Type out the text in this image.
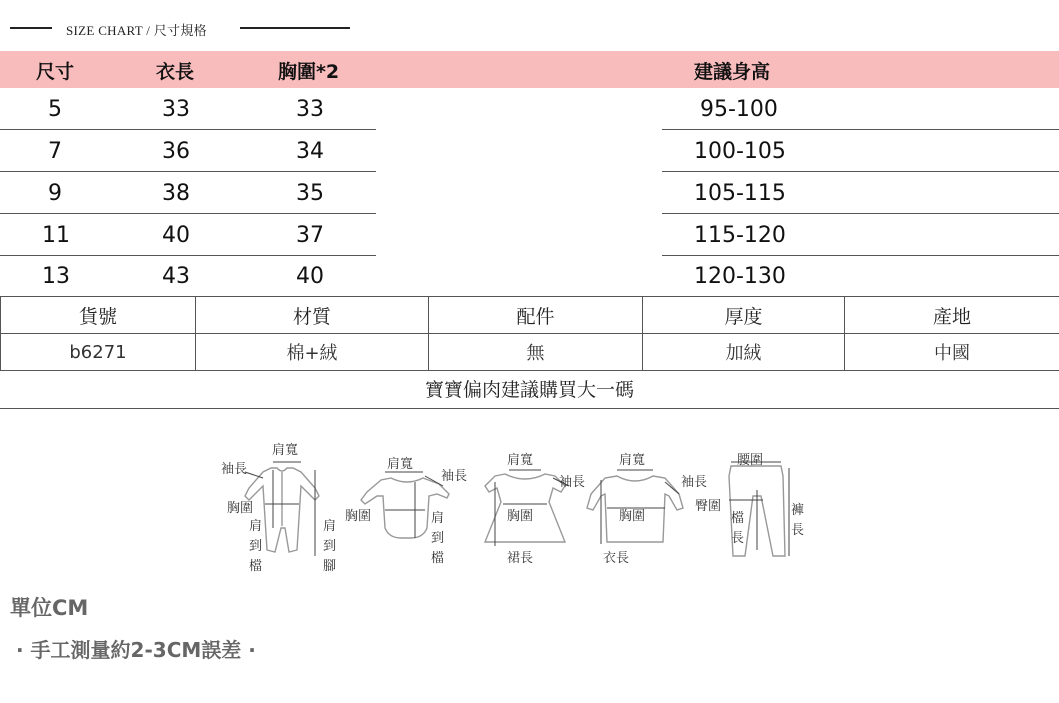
SIZE CHART / 尺寸規格
尺寸	衣長	胸圍*2	建議身高
5	33	33	95-100
7	36	34	100-105
9	38	35	105-115
11	40	37	115-120
13	43	40	120-130
貨號	材質	配件	厚度	產地
b6271	棉+絨	無	加絨	中國
寶寶偏肉建議購買大一碼
肩寬
袖長
胸圍
肩
到
檔
肩
到
腳
肩寬
袖長
胸圍	肩
到
檔
肩寬
袖長
胸圍
裙長
肩寬
袖長
胸圍
衣長
腰圍
臀圍
檔
長
褲
長
單位CM
· 手工測量約2-3CM誤差 ·
